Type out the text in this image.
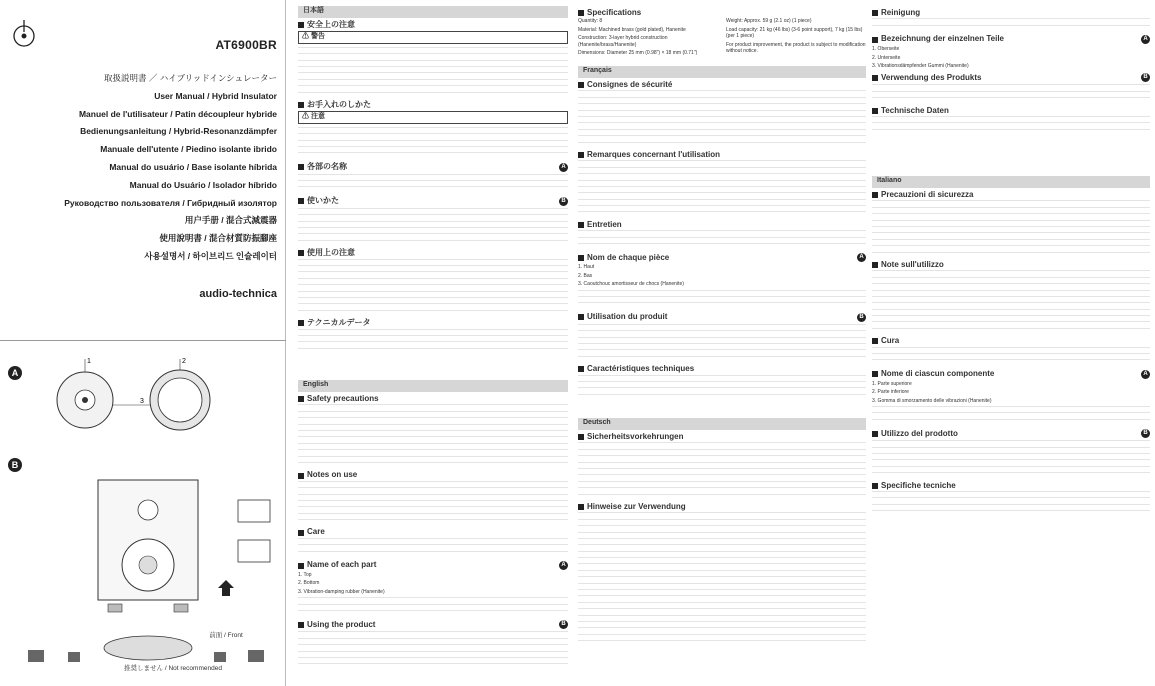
AT6900BR
取扱説明書 ／ ハイブリッドインシュレーター
User Manual / Hybrid Insulator
Manuel de l'utilisateur / Patin découpleur hybride
Bedienungsanleitung / Hybrid-Resonanzdämpfer
Manuale dell'utente / Piedino isolante ibrido
Manual do usuário / Base isolante híbrida
Manual do Usuário / Isolador híbrido
Руководство пользователя / Гибридный изолятор
用户手册 / 混合式減震器
使用說明書 / 混合材質防振腳座
사용설명서 / 하이브리드 인슐레이터
audio-technica
A
1	2
3
B
前面 / Front
推奨しません / Not recommended
日本語
安全上の注意
⚠ 警告
お手入れのしかた
⚠ 注意
各部の名称	A
使いかた	B
使用上の注意
テクニカルデータ
English
Safety precautions
Notes on use
Care
Name of each part	A
1. Top
2. Bottom
3. Vibration-damping rubber (Hanenite)
Using the product	B
Specifications
Quantity: 8
Material: Machined brass (gold plated), Hanenite
Construction: 3-layer hybrid construction (Hanenite/brass/Hanenite)
Dimensions: Diameter 25 mm (0.98") × 18 mm (0.71")
Weight: Approx. 59 g (2.1 oz) (1 piece)
Load capacity: 21 kg (46 lbs) (3-6 point support), 7 kg (15 lbs) (per 1 piece)
For product improvement, the product is subject to modification without notice.
Français
Consignes de sécurité
Remarques concernant l'utilisation
Entretien
Nom de chaque pièce	A
1. Haut
2. Bas
3. Caoutchouc amortisseur de chocs (Hanenite)
Utilisation du produit	B
Caractéristiques techniques
Deutsch
Sicherheitsvorkehrungen
Hinweise zur Verwendung
Reinigung
Bezeichnung der einzelnen Teile	A
1. Oberseite
2. Unterseite
3. Vibrationsdämpfender Gummi (Hanenite)
Verwendung des Produkts	B
Technische Daten
Italiano
Precauzioni di sicurezza
Note sull'utilizzo
Cura
Nome di ciascun componente	A
1. Parte superiore
2. Parte inferiore
3. Gomma di smorzamento delle vibrazioni (Hanenite)
Utilizzo del prodotto	B
Specifiche tecniche
